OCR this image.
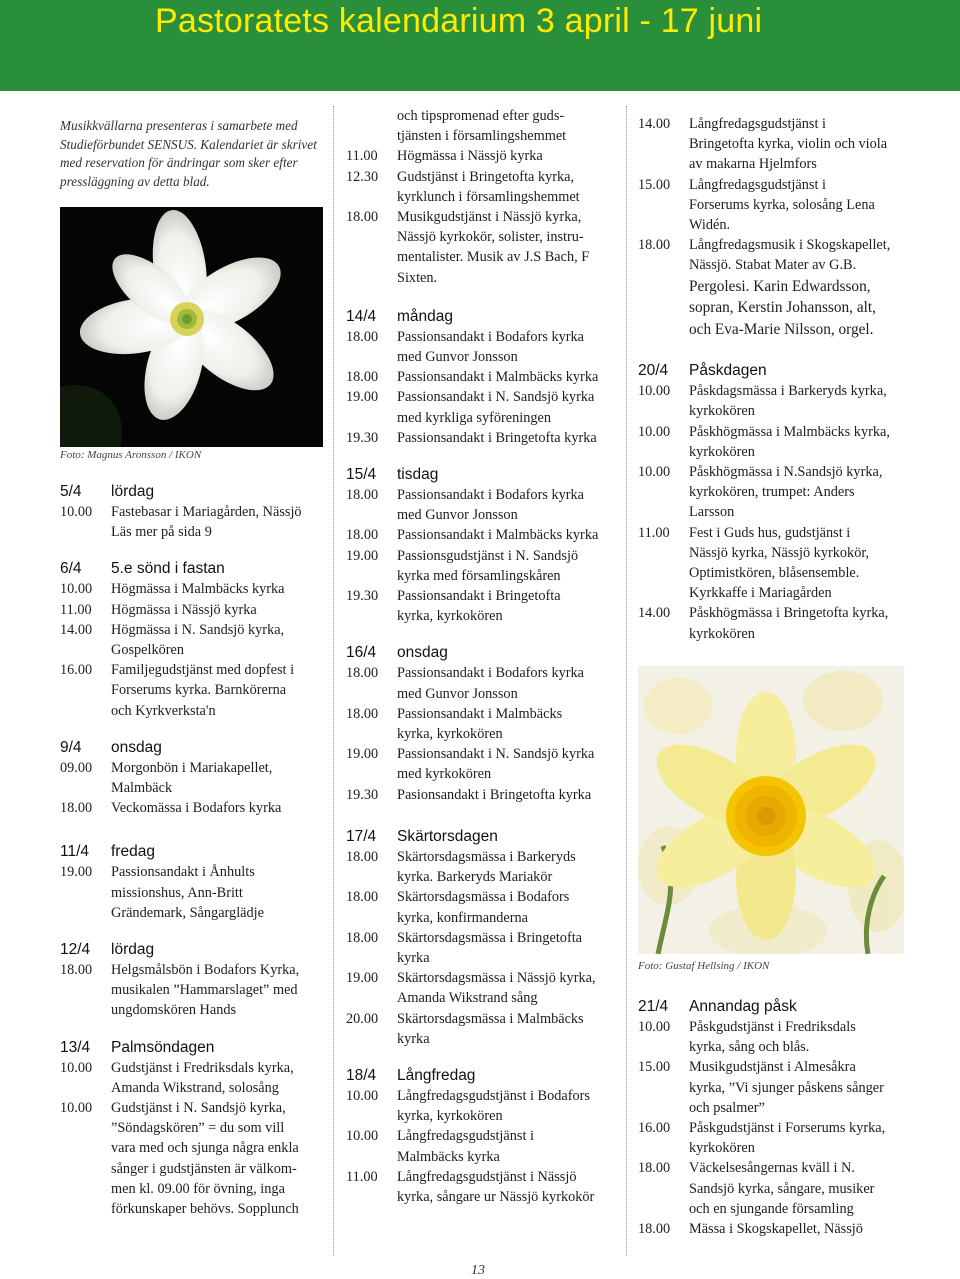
Pastoratets kalendarium 3 april - 17 juni
Musikkvällarna presenteras i samarbete med Studieförbundet SENSUS. Kalendariet är skrivet med reservation för ändringar som sker efter pressläggning av detta blad.
Foto: Magnus Aronsson / IKON
5/4	lördag
10.00	Fastebasar i Mariagården, Nässjö
Läs mer på sida 9
6/4	5.e sönd i fastan
10.00	Högmässa i Malmbäcks kyrka
11.00	Högmässa i Nässjö kyrka
14.00	Högmässa i N. Sandsjö kyrka,
Gospelkören
16.00	Familjegudstjänst med dopfest i
Forserums kyrka. Barnkörerna
och Kyrkverksta'n
9/4	onsdag
09.00	Morgonbön i Mariakapellet,
Malmbäck
18.00	Veckomässa i Bodafors kyrka
11/4	fredag
19.00	Passionsandakt i Ånhults
missionshus, Ann-Britt
Grändemark, Sångarglädje
12/4	lördag
18.00	Helgsmålsbön i Bodafors Kyrka,
musikalen ”Hammarslaget” med
ungdomskören Hands
13/4	Palmsöndagen
10.00	Gudstjänst i Fredriksdals kyrka,
Amanda Wikstrand, solosång
10.00	Gudstjänst i N. Sandsjö kyrka,
”Söndagskören” = du som vill
vara med och sjunga några enkla
sånger i gudstjänsten är välkom-
men kl. 09.00 för övning, inga
förkunskaper behövs. Sopplunch
och tipspromenad efter guds-
tjänsten i församlingshemmet
11.00	Högmässa i Nässjö kyrka
12.30	Gudstjänst i Bringetofta kyrka,
kyrklunch i församlingshemmet
18.00	Musikgudstjänst i Nässjö kyrka,
Nässjö kyrkokör, solister, instru-
mentalister. Musik av J.S Bach, F
Sixten.
14/4	måndag
18.00	Passionsandakt i Bodafors kyrka
med Gunvor Jonsson
18.00	Passionsandakt i Malmbäcks kyrka
19.00	Passionsandakt i N. Sandsjö kyrka
med kyrkliga syföreningen
19.30	Passionsandakt i Bringetofta kyrka
15/4	tisdag
18.00	Passionsandakt i Bodafors kyrka
med Gunvor Jonsson
18.00	Passionsandakt i Malmbäcks kyrka
19.00	Passionsgudstjänst i N. Sandsjö
kyrka med församlingskåren
19.30	Passionsandakt i Bringetofta
kyrka, kyrkokören
16/4	onsdag
18.00	Passionsandakt i Bodafors kyrka
med Gunvor Jonsson
18.00	Passionsandakt i Malmbäcks
kyrka, kyrkokören
19.00	Passionsandakt i N. Sandsjö kyrka
med kyrkokören
19.30	Pasionsandakt i Bringetofta kyrka
17/4	Skärtorsdagen
18.00	Skärtorsdagsmässa i Barkeryds
kyrka. Barkeryds Mariakör
18.00	Skärtorsdagsmässa i Bodafors
kyrka, konfirmanderna
18.00	Skärtorsdagsmässa i Bringetofta
kyrka
19.00	Skärtorsdagsmässa i Nässjö kyrka,
Amanda Wikstrand sång
20.00	Skärtorsdagsmässa i Malmbäcks
kyrka
18/4	Långfredag
10.00	Långfredagsgudstjänst i Bodafors
kyrka, kyrkokören
10.00	Långfredagsgudstjänst i
Malmbäcks kyrka
11.00	Långfredagsgudstjänst i Nässjö
kyrka, sångare ur Nässjö kyrkokör
14.00	Långfredagsgudstjänst i
Bringetofta kyrka, violin och viola
av makarna Hjelmfors
15.00	Långfredagsgudstjänst i
Forserums kyrka, solosång Lena
Widén.
18.00	Långfredagsmusik i Skogskapellet,
Nässjö. Stabat Mater av G.B.
Pergolesi. Karin Edwardsson,
sopran, Kerstin Johansson, alt,
och Eva-Marie Nilsson, orgel.
20/4	Påskdagen
10.00	Påskdagsmässa i Barkeryds kyrka,
kyrkokören
10.00	Påskhögmässa i Malmbäcks kyrka,
kyrkokören
10.00	Påskhögmässa i N.Sandsjö kyrka,
kyrkokören, trumpet: Anders
Larsson
11.00	Fest i Guds hus, gudstjänst i
Nässjö kyrka, Nässjö kyrkokör,
Optimistkören, blåsensemble.
Kyrkkaffe i Mariagården
14.00	Påskhögmässa i Bringetofta kyrka,
kyrkokören
Foto: Gustaf Hellsing / IKON
21/4	Annandag påsk
10.00	Påskgudstjänst i Fredriksdals
kyrka, sång och blås.
15.00	Musikgudstjänst i Almesåkra
kyrka, ”Vi sjunger påskens sånger
och psalmer”
16.00	Påskgudstjänst i Forserums kyrka,
kyrkokören
18.00	Väckelsesångernas kväll i N.
Sandsjö kyrka, sångare, musiker
och en sjungande församling
18.00	Mässa i Skogskapellet, Nässjö
13
